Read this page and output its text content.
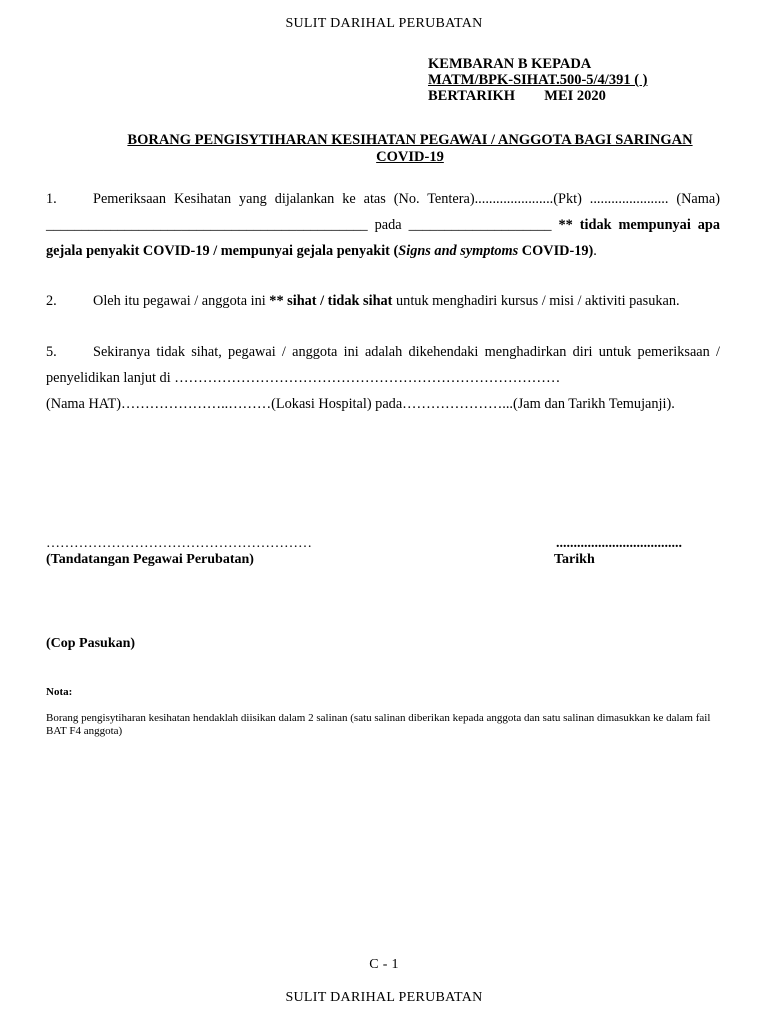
SULIT DARIHAL PERUBATAN
KEMBARAN B KEPADA
MATM/BPK-SIHAT.500-5/4/391 ( )
BERTARIKH MEI 2020
BORANG PENGISYTIHARAN KESIHATAN PEGAWAI / ANGGOTA BAGI SARINGAN
COVID-19
1.	Pemeriksaan Kesihatan yang dijalankan ke atas (No. Tentera)......................(Pkt) ...................... (Nama) _____________________________________________ pada ____________________ ** tidak mempunyai apa gejala penyakit COVID-19 / mempunyai gejala penyakit (Signs and symptoms COVID-19).
2.	Oleh itu pegawai / anggota ini ** sihat / tidak sihat untuk menghadiri kursus / misi / aktiviti pasukan.
5.	Sekiranya tidak sihat, pegawai / anggota ini adalah dikehendaki menghadirkan diri untuk pemeriksaan / penyelidikan lanjut di ………………………………………………………………………
(Nama HAT)…………………..………(Lokasi Hospital) pada…………………...(Jam dan Tarikh Temujanji).
…………………………………………………
(Tandatangan Pegawai Perubatan)
....................................
Tarikh
(Cop Pasukan)
Nota:
Borang pengisytiharan kesihatan hendaklah diisikan dalam 2 salinan (satu salinan diberikan kepada anggota dan satu salinan dimasukkan ke dalam fail BAT F4 anggota)
C - 1
SULIT DARIHAL PERUBATAN
